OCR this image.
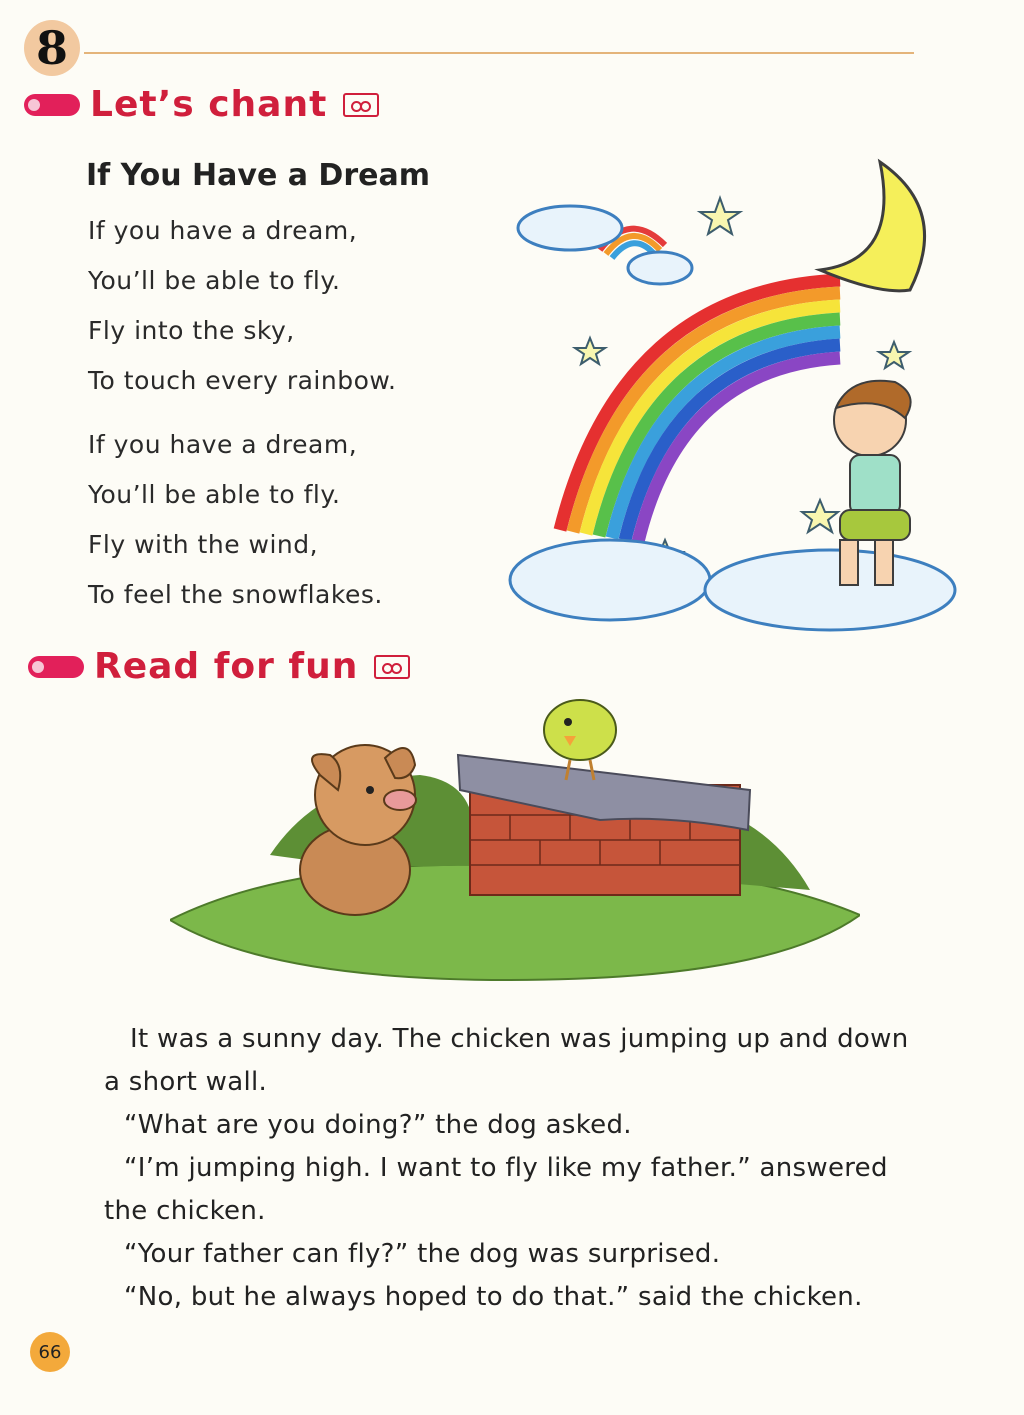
8
Let’s chant
If You Have a Dream
If you have a dream,
You’ll be able to fly.
Fly into the sky,
To touch every rainbow.
If you have a dream,
You’ll be able to fly.
Fly with the wind,
To feel the snowflakes.
Read for fun

It was a sunny day. The chicken was jumping up and down

a short wall.

“What are you doing?” the dog asked.

“I’m jumping high. I want to fly like my father.” answered

the chicken.

“Your father can fly?” the dog was surprised.

“No, but he always hoped to do that.” said the chicken.

66
